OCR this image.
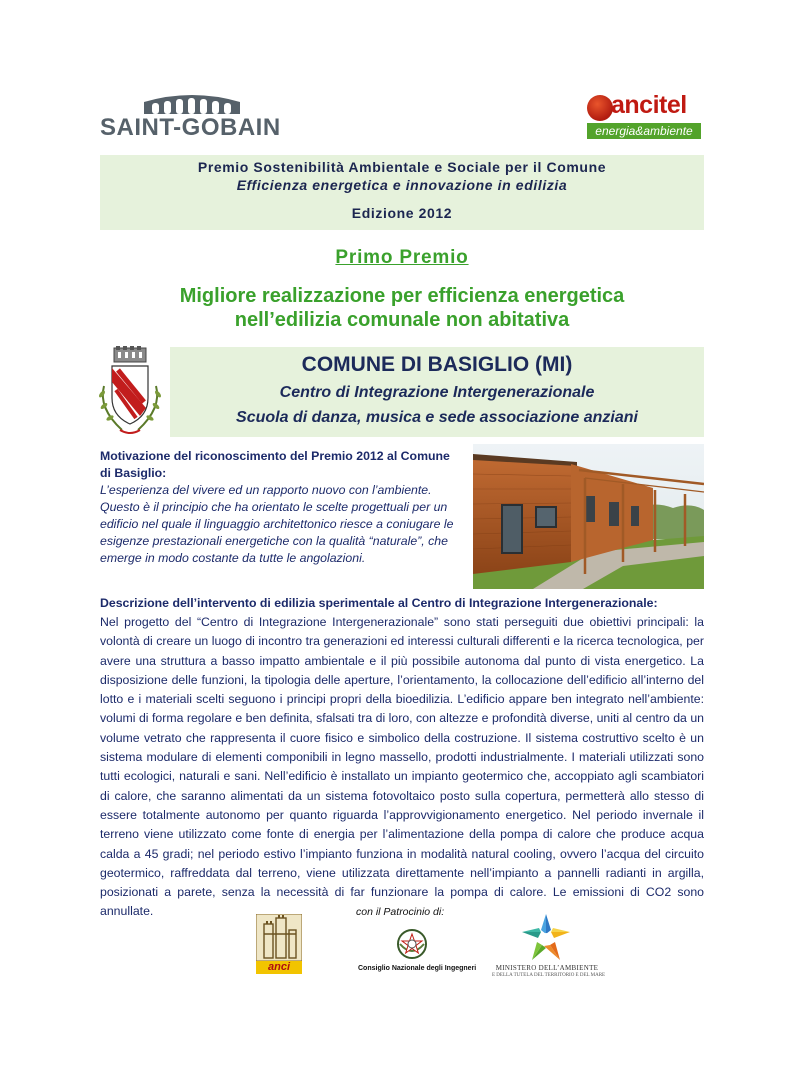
SAINT-GOBAIN
ancitel
energia&ambiente
Premio Sostenibilità Ambientale e Sociale per il Comune
Efficienza energetica e innovazione in edilizia
Edizione 2012
Primo Premio
Migliore realizzazione per efficienza energetica
nell’edilizia comunale non abitativa
COMUNE DI BASIGLIO (MI)
Centro di Integrazione Intergenerazionale
Scuola di danza, musica e sede associazione anziani
Motivazione del riconoscimento del Premio 2012 al Comune di Basiglio:
L’esperienza del vivere ed un rapporto nuovo con l’ambiente. Questo è il principio che ha orientato le scelte progettuali per un edificio nel quale il linguaggio architettonico riesce a coniugare le esigenze prestazionali energetiche con la qualità “naturale”, che emerge in modo costante da tutte le angolazioni.
Descrizione dell’intervento di edilizia sperimentale al Centro di Integrazione Intergenerazionale:
Nel progetto del “Centro di Integrazione Intergenerazionale” sono stati perseguiti due obiettivi principali: la volontà di creare un luogo di incontro tra generazioni ed interessi culturali differenti e la ricerca tecnologica, per avere una struttura a basso impatto ambientale e il più possibile autonoma dal punto di vista energetico. La disposizione delle funzioni, la tipologia delle aperture, l’orientamento, la collocazione dell’edificio all’interno del lotto e i materiali scelti seguono i principi propri della bioedilizia. L’edificio appare ben integrato nell’ambiente: volumi di forma regolare e ben definita, sfalsati tra di loro, con altezze e profondità diverse, uniti al centro da un volume vetrato che rappresenta il cuore fisico e simbolico della costruzione. Il sistema costruttivo scelto è un sistema modulare di elementi componibili in legno massello, prodotti industrialmente. I materiali utilizzati sono tutti ecologici, naturali e sani. Nell’edificio è installato un impianto geotermico che, accoppiato agli scambiatori di calore, che saranno alimentati da un sistema fotovoltaico posto sulla copertura, permetterà allo stesso di essere totalmente autonomo per quanto riguarda l’approvvigionamento energetico. Nel periodo invernale il terreno viene utilizzato come fonte di energia per l’alimentazione della pompa di calore che produce acqua calda a 45 gradi; nel periodo estivo l’impianto funziona in modalità natural cooling, ovvero l’acqua del circuito geotermico, raffreddata dal terreno, viene utilizzata direttamente nell’impianto a pannelli radianti in argilla, posizionati a parete, senza la necessità di far funzionare la pompa di calore. Le emissioni di CO2 sono annullate.	con il Patrocinio di:
anci	Consiglio Nazionale degli Ingegneri	MINISTERO DELL’AMBIENTE
E DELLA TUTELA DEL TERRITORIO E DEL MARE
